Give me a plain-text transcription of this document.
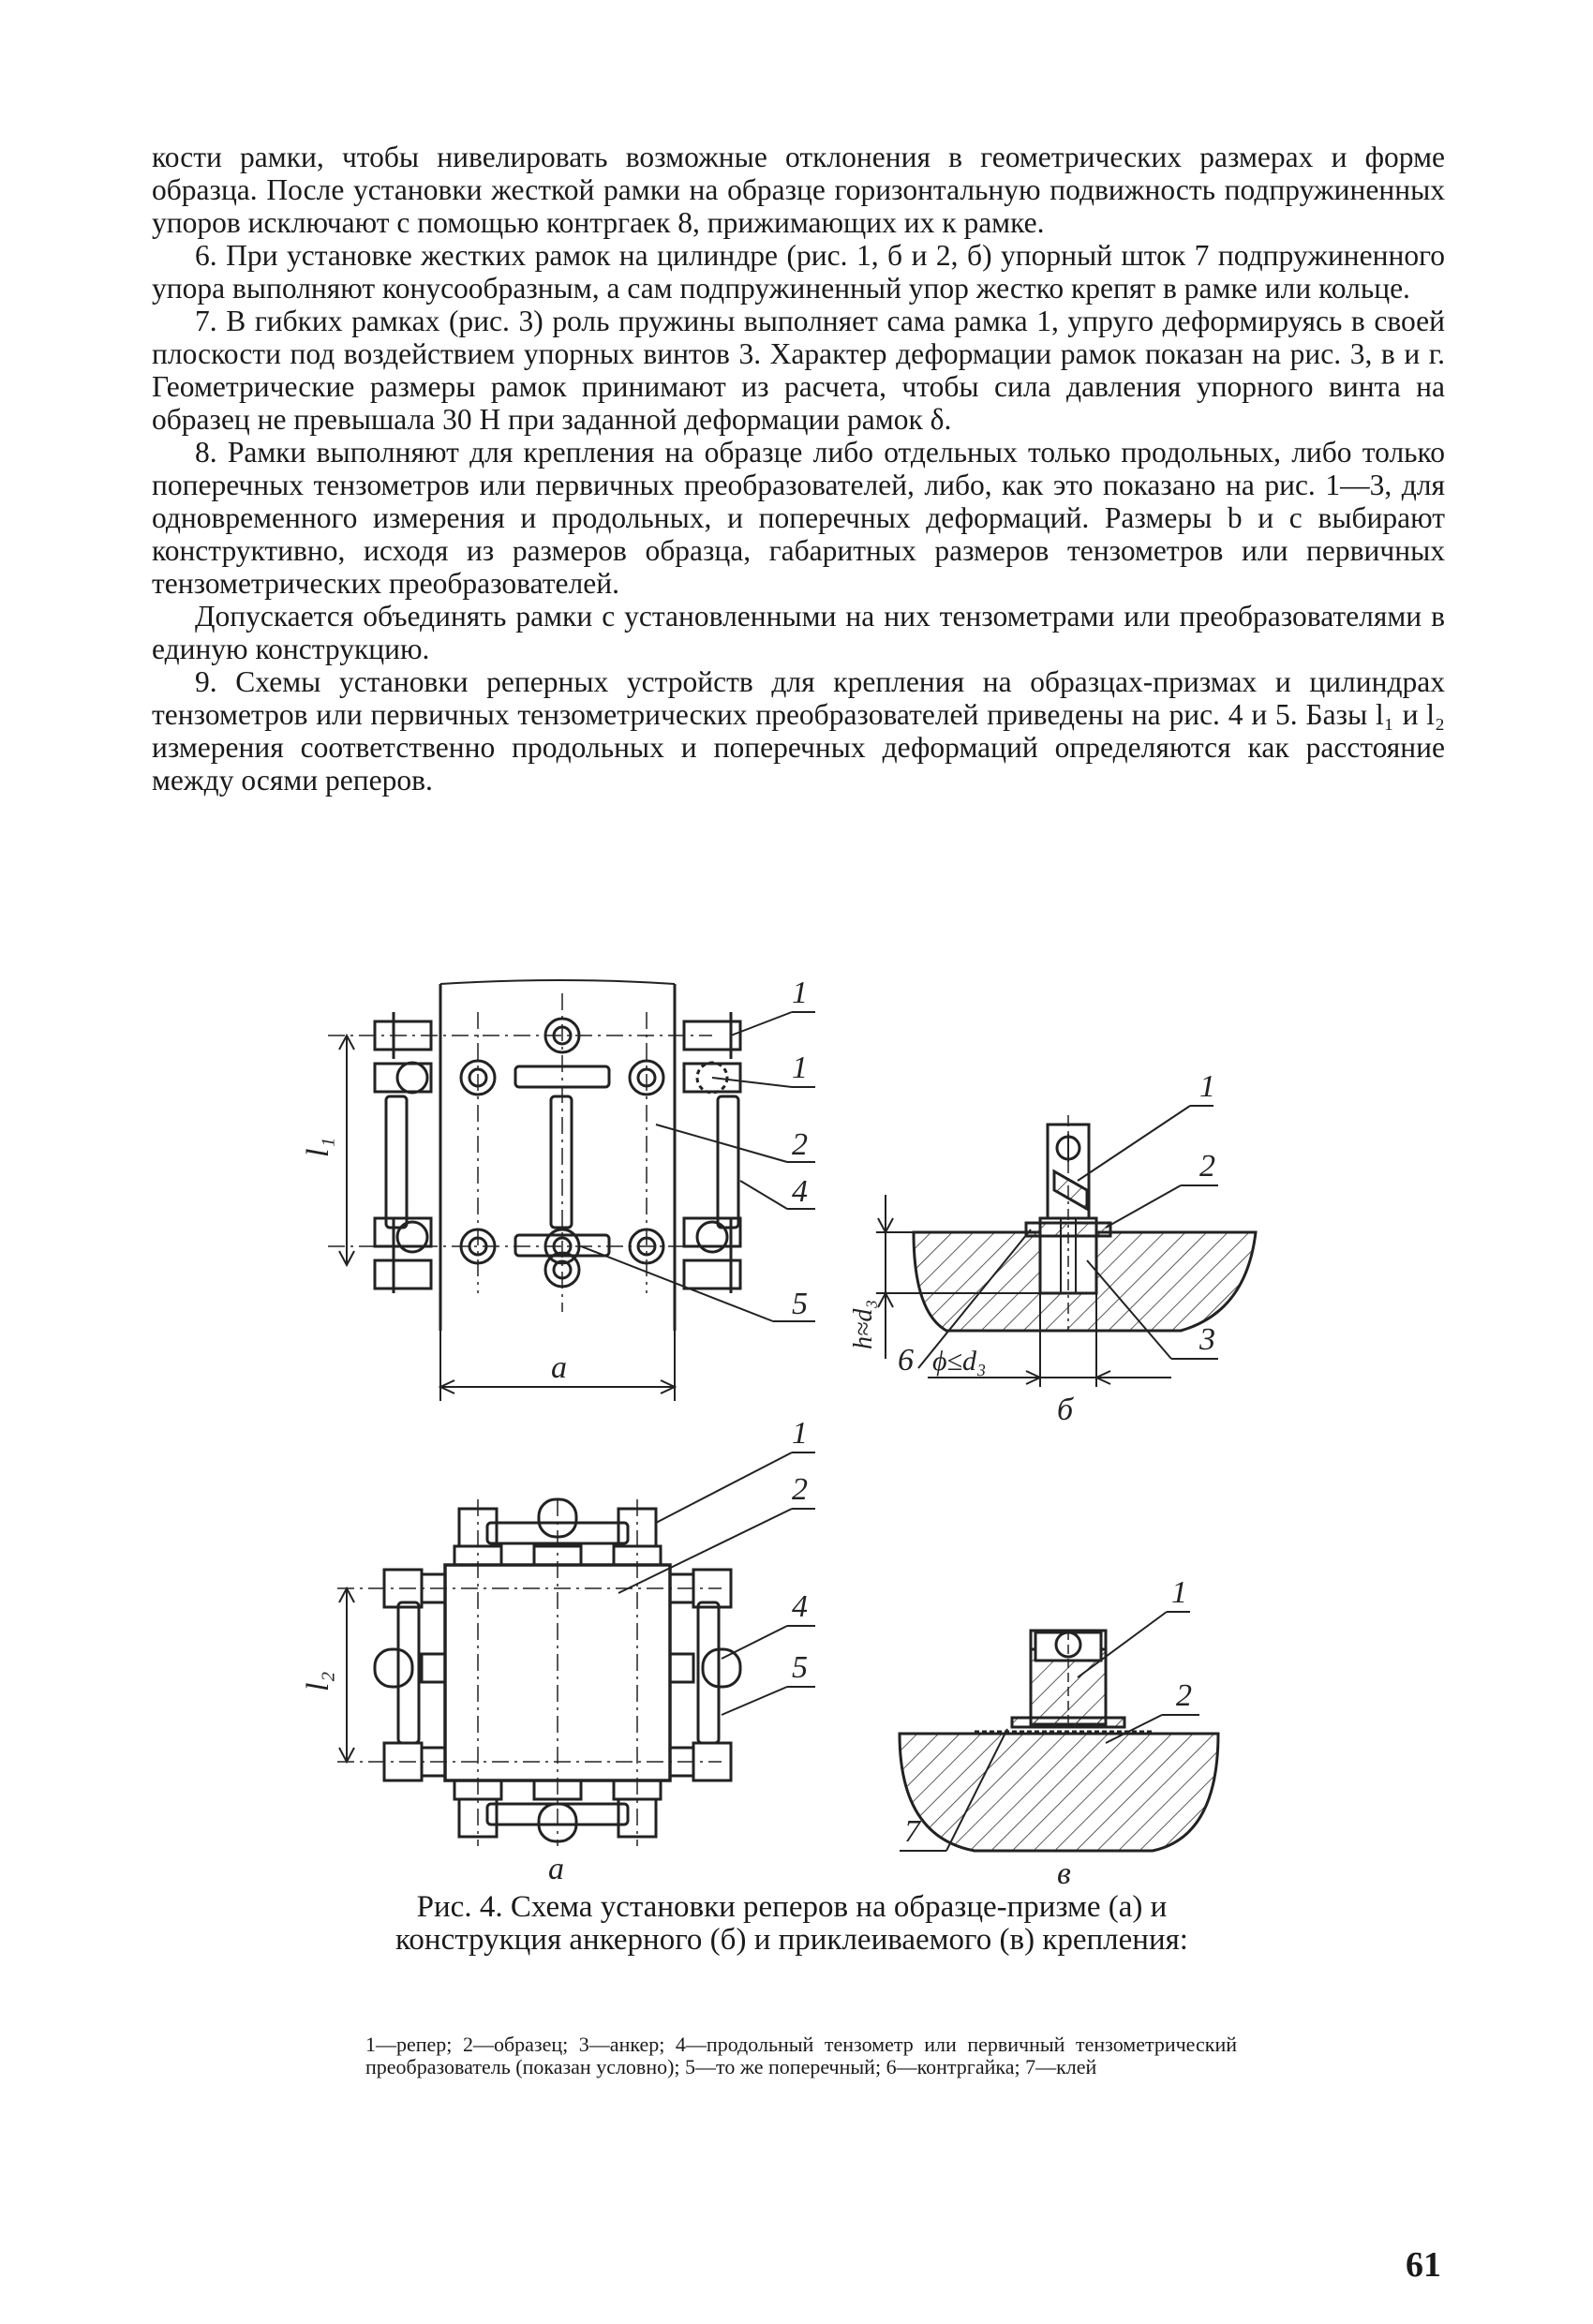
кости рамки, чтобы нивелировать возможные отклонения в геометрических размерах и форме образца. После установки жесткой рамки на образце горизонтальную подвижность подпружиненных упоров исключают с помощью контргаек 8, прижимающих их к рамке.

6. При установке жестких рамок на цилиндре (рис. 1, б и 2, б) упорный шток 7 подпружиненного упора выполняют конусообразным, а сам подпружиненный упор жестко крепят в рамке или кольце.

7. В гибких рамках (рис. 3) роль пружины выполняет сама рамка 1, упруго деформируясь в своей плоскости под воздействием упорных винтов 3. Характер деформации рамок показан на рис. 3, в и г. Геометрические размеры рамок принимают из расчета, чтобы сила давления упорного винта на образец не превышала 30 Н при заданной деформации рамок δ.

8. Рамки выполняют для крепления на образце либо отдельных только продольных, либо только поперечных тензометров или первичных преобразователей, либо, как это показано на рис. 1—3, для одновременного измерения и продольных, и поперечных деформаций. Размеры b и c выбирают конструктивно, исходя из размеров образца, габаритных размеров тензометров или первичных тензометрических преобразователей.

Допускается объединять рамки с установленными на них тензометрами или преобразователями в единую конструкцию.

9. Схемы установки реперных устройств для крепления на образцах-призмах и цилиндрах тензометров или первичных тензометрических преобразователей приведены на рис. 4 и 5. Базы l₁ и l₂ измерения соответственно продольных и поперечных деформаций определяются как расстояние между осями реперов.

1
1
2
4
5
l₁
a
1
2
4
5
l₂
a
1
2
3
6
h≈d₃
ϕ≤d₃
б
1
2
7
в
Рис. 4. Схема установки реперов на образце-призме (а) и конструкция анкерного (б) и приклеиваемого (в) крепления:
1—репер; 2—образец; 3—анкер; 4—продольный тензометр или первичный тензометрический преобразователь (показан условно); 5—то же поперечный; 6—контргайка; 7—клей
61
